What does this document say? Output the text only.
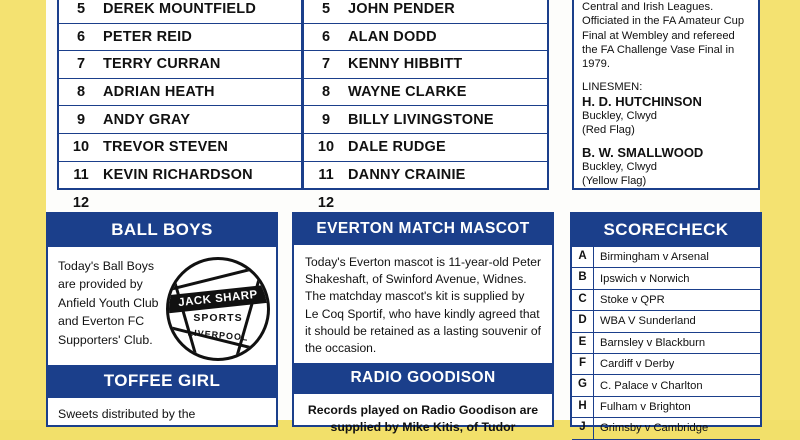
5	DEREK MOUNTFIELD
6	PETER REID
7	TERRY CURRAN
8	ADRIAN HEATH
9	ANDY GRAY
10 TREVOR STEVEN
11 KEVIN RICHARDSON
12
5	JOHN PENDER
6	ALAN DODD
7	KENNY HIBBITT
8	WAYNE CLARKE
9	BILLY LIVINGSTONE
10 DALE RUDGE
11 DANNY CRAINIE
12
Central and Irish Leagues. Officiated in the FA Amateur Cup Final at Wembley and refereed the FA Challenge Vase Final in 1979.
LINESMEN:
H. D. HUTCHINSON
Buckley, Clwyd
(Red Flag)
B. W. SMALLWOOD
Buckley, Clwyd
(Yellow Flag)
BALL BOYS
Today's Ball Boys are provided by Anfield Youth Club and Everton FC Supporters' Club.
JACK SHARP
SPORTS
LIVERPOOL
TOFFEE GIRL
Sweets distributed by the
EVERTON MATCH MASCOT
Today's Everton mascot is 11-year-old Peter Shakeshaft, of Swinford Avenue, Widnes. The matchday mascot's kit is supplied by Le Coq Sportif, who have kindly agreed that it should be retained as a lasting souvenir of the occasion.
RADIO GOODISON
Records played on Radio Goodison are supplied by Mike Kitis, of Tudor
SCORECHECK
A	Birmingham v Arsenal
B	Ipswich v Norwich
C	Stoke v QPR
D	WBA V Sunderland
E	Barnsley v Blackburn
F	Cardiff v Derby
G	C. Palace v Charlton
H	Fulham v Brighton
J	Grimsby v Cambridge
